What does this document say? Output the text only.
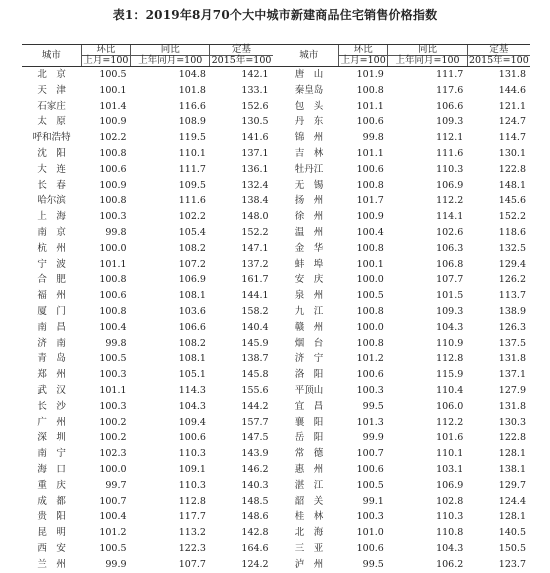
表1：2019年8月70个大中城市新建商品住宅销售价格指数
城市	环比	同比	定基		城市	环比	同比	定基
	上月=100	上年同月=100	2015年=100			上月=100	上年同月=100	2015年=100
北　京	100.5	104.8	142.1		唐　山	101.9	111.7	131.8
天　津	100.1	101.8	133.1		秦皇岛	100.8	117.6	144.6
石家庄	101.4	116.6	152.6		包　头	101.1	106.6	121.1
太　原	100.9	108.9	130.5		丹　东	100.6	109.3	124.7
呼和浩特	102.2	119.5	141.6		锦　州	99.8	112.1	114.7
沈　阳	100.8	110.1	137.1		吉　林	101.1	111.6	130.1
大　连	100.6	111.7	136.1		牡丹江	100.6	110.3	122.8
长　春	100.9	109.5	132.4		无　锡	100.8	106.9	148.1
哈尔滨	100.8	111.6	138.4		扬　州	101.7	112.2	145.6
上　海	100.3	102.2	148.0		徐　州	100.9	114.1	152.2
南　京	99.8	105.4	152.2		温　州	100.4	102.6	118.6
杭　州	100.0	108.2	147.1		金　华	100.8	106.3	132.5
宁　波	101.1	107.2	137.2		蚌　埠	100.1	106.8	129.4
合　肥	100.8	106.9	161.7		安　庆	100.0	107.7	126.2
福　州	100.6	108.1	144.1		泉　州	100.5	101.5	113.7
厦　门	100.8	103.6	158.2		九　江	100.8	109.3	138.9
南　昌	100.4	106.6	140.4		赣　州	100.0	104.3	126.3
济　南	99.8	108.2	145.9		烟　台	100.8	110.9	137.5
青　岛	100.5	108.1	138.7		济　宁	101.2	112.8	131.8
郑　州	100.3	105.1	145.8		洛　阳	100.6	115.9	137.1
武　汉	101.1	114.3	155.6		平顶山	100.3	110.4	127.9
长　沙	100.3	104.3	144.2		宜　昌	99.5	106.0	131.8
广　州	100.2	109.4	157.7		襄　阳	101.3	112.2	130.3
深　圳	100.2	100.6	147.5		岳　阳	99.9	101.6	122.8
南　宁	102.3	110.3	143.9		常　德	100.7	110.1	128.1
海　口	100.0	109.1	146.2		惠　州	100.6	103.1	138.1
重　庆	99.7	110.3	140.3		湛　江	100.5	106.9	129.7
成　都	100.7	112.8	148.5		韶　关	99.1	102.8	124.4
贵　阳	100.4	117.7	148.6		桂　林	100.3	110.3	128.1
昆　明	101.2	113.2	142.8		北　海	101.0	110.8	140.5
西　安	100.5	122.3	164.6		三　亚	100.6	104.3	150.5
兰　州	99.9	107.7	124.2		泸　州	99.5	106.2	123.7
